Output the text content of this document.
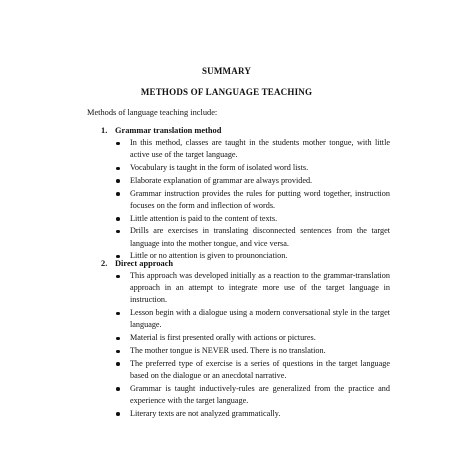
SUMMARY
METHODS OF LANGUAGE TEACHING
Methods of language teaching include:
1. Grammar translation method
In this method, classes are taught in the students mother tongue, with little active use of the target language.
Vocabulary is taught in the form of isolated word lists.
Elaborate explanation of grammar are always provided.
Grammar instruction provides the rules for putting word together, instruction focuses on the form and inflection of words.
Little attention is paid to the content of texts.
Drills are exercises in translating disconnected sentences from the target language into the mother tongue, and vice versa.
Little or no attention is given to prounonciation.
2. Direct approach
This approach was developed initially as a reaction to the grammar-translation approach in an attempt to integrate more use of the target language in instruction.
Lesson begin with a dialogue using a modern conversational style in the target language.
Material is first presented orally with actions or pictures.
The mother tongue is NEVER used. There is no translation.
The preferred type of exercise is a series of questions in the target language based on the dialogue or an anecdotal narrative.
Grammar is taught inductively-rules are generalized from the practice and experience with the target language.
Literary texts are not analyzed grammatically.
